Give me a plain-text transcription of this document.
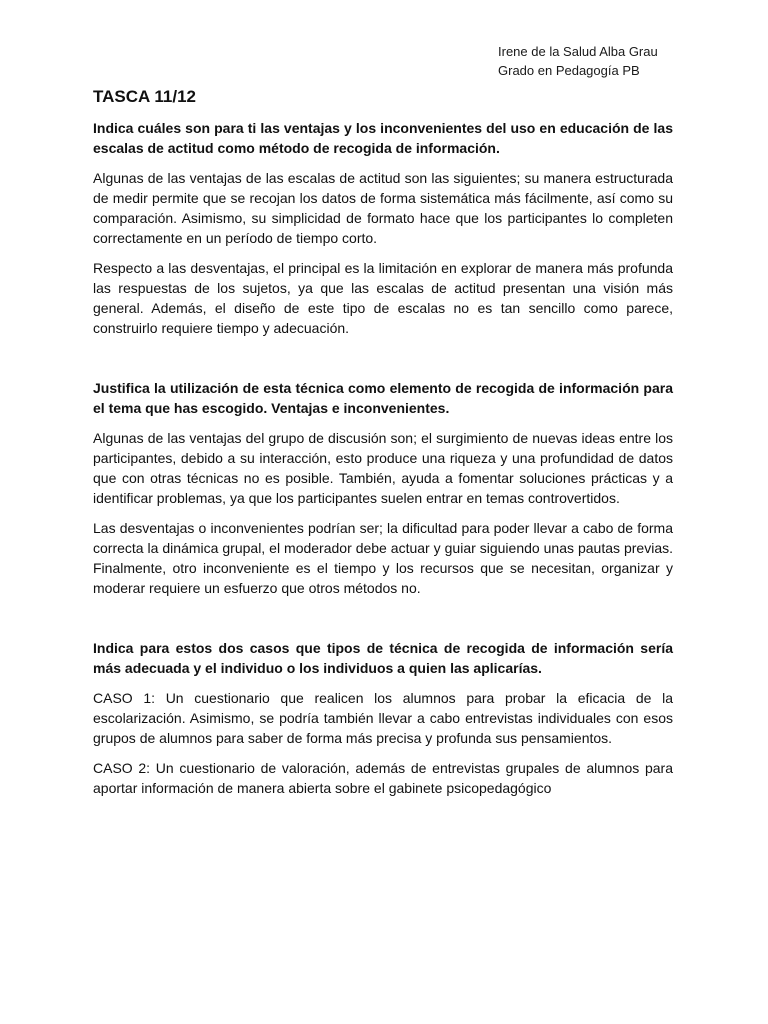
Irene de la Salud Alba Grau
Grado en Pedagogía PB
TASCA 11/12

Indica cuáles son para ti las ventajas y los inconvenientes del uso en educación de las escalas de actitud como método de recogida de información.

Algunas de las ventajas de las escalas de actitud son las siguientes; su manera estructurada de medir permite que se recojan los datos de forma sistemática más fácilmente, así como su comparación. Asimismo, su simplicidad de formato hace que los participantes lo completen correctamente en un período de tiempo corto.

Respecto a las desventajas, el principal es la limitación en explorar de manera más profunda las respuestas de los sujetos, ya que las escalas de actitud presentan una visión más general. Además, el diseño de este tipo de escalas no es tan sencillo como parece, construirlo requiere tiempo y adecuación.

Justifica la utilización de esta técnica como elemento de recogida de información para el tema que has escogido. Ventajas e inconvenientes.

Algunas de las ventajas del grupo de discusión son; el surgimiento de nuevas ideas entre los participantes, debido a su interacción, esto produce una riqueza y una profundidad de datos que con otras técnicas no es posible. También, ayuda a fomentar soluciones prácticas y a identificar problemas, ya que los participantes suelen entrar en temas controvertidos.

Las desventajas o inconvenientes podrían ser; la dificultad para poder llevar a cabo de forma correcta la dinámica grupal, el moderador debe actuar y guiar siguiendo unas pautas previas. Finalmente, otro inconveniente es el tiempo y los recursos que se necesitan, organizar y moderar requiere un esfuerzo que otros métodos no.

Indica para estos dos casos que tipos de técnica de recogida de información sería más adecuada y el individuo o los individuos a quien las aplicarías.

CASO 1: Un cuestionario que realicen los alumnos para probar la eficacia de la escolarización. Asimismo, se podría también llevar a cabo entrevistas individuales con esos grupos de alumnos para saber de forma más precisa y profunda sus pensamientos.

CASO 2: Un cuestionario de valoración, además de entrevistas grupales de alumnos para aportar información de manera abierta sobre el gabinete psicopedagógico
